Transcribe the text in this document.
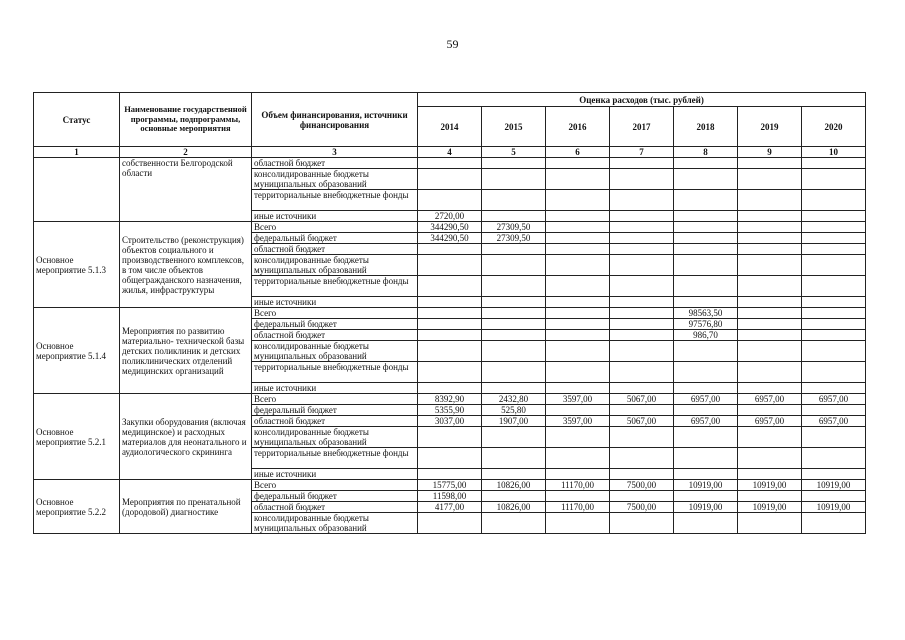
59
Статус	Наименование государственной программы, подпрограммы, основные мероприятия	Объем финансирования, источники финансирования	Оценка расходов (тыс. рублей)						
			2014	2015	2016	2017	2018	2019	2020
1	2	3	4	5	6	7	8	9	10
	собственности Белгородской области	областной бюджет							
		консолидированные бюджеты муниципальных образований							
		территориальные внебюджетные фонды							
		иные источники	2720,00						
Основное мероприятие 5.1.3	Строительство (реконструкция) объектов социального и производственного комплексов, в том числе объектов общегражданского назначения, жилья, инфраструктуры	Всего	344290,50	27309,50					
		федеральный бюджет	344290,50	27309,50					
		областной бюджет							
		консолидированные бюджеты муниципальных образований							
		территориальные внебюджетные фонды							
		иные источники							
Основное мероприятие 5.1.4	Мероприятия по развитию материально- технической базы детских поликлиник и детских поликлинических отделений медицинских организаций	Всего					98563,50		
		федеральный бюджет					97576,80		
		областной бюджет					986,70		
		консолидированные бюджеты муниципальных образований							
		территориальные внебюджетные фонды							
		иные источники							
Основное мероприятие 5.2.1	Закупки оборудования (включая медицинское) и расходных материалов для неонатального и аудиологического скрининга	Всего	8392,90	2432,80	3597,00	5067,00	6957,00	6957,00	6957,00
		федеральный бюджет	5355,90	525,80					
		областной бюджет	3037,00	1907,00	3597,00	5067,00	6957,00	6957,00	6957,00
		консолидированные бюджеты муниципальных образований							
		территориальные внебюджетные фонды							
		иные источники							
Основное мероприятие 5.2.2	Мероприятия по пренатальной (дородовой) диагностике	Всего	15775,00	10826,00	11170,00	7500,00	10919,00	10919,00	10919,00
		федеральный бюджет	11598,00						
		областной бюджет	4177,00	10826,00	11170,00	7500,00	10919,00	10919,00	10919,00
		консолидированные бюджеты муниципальных образований							
